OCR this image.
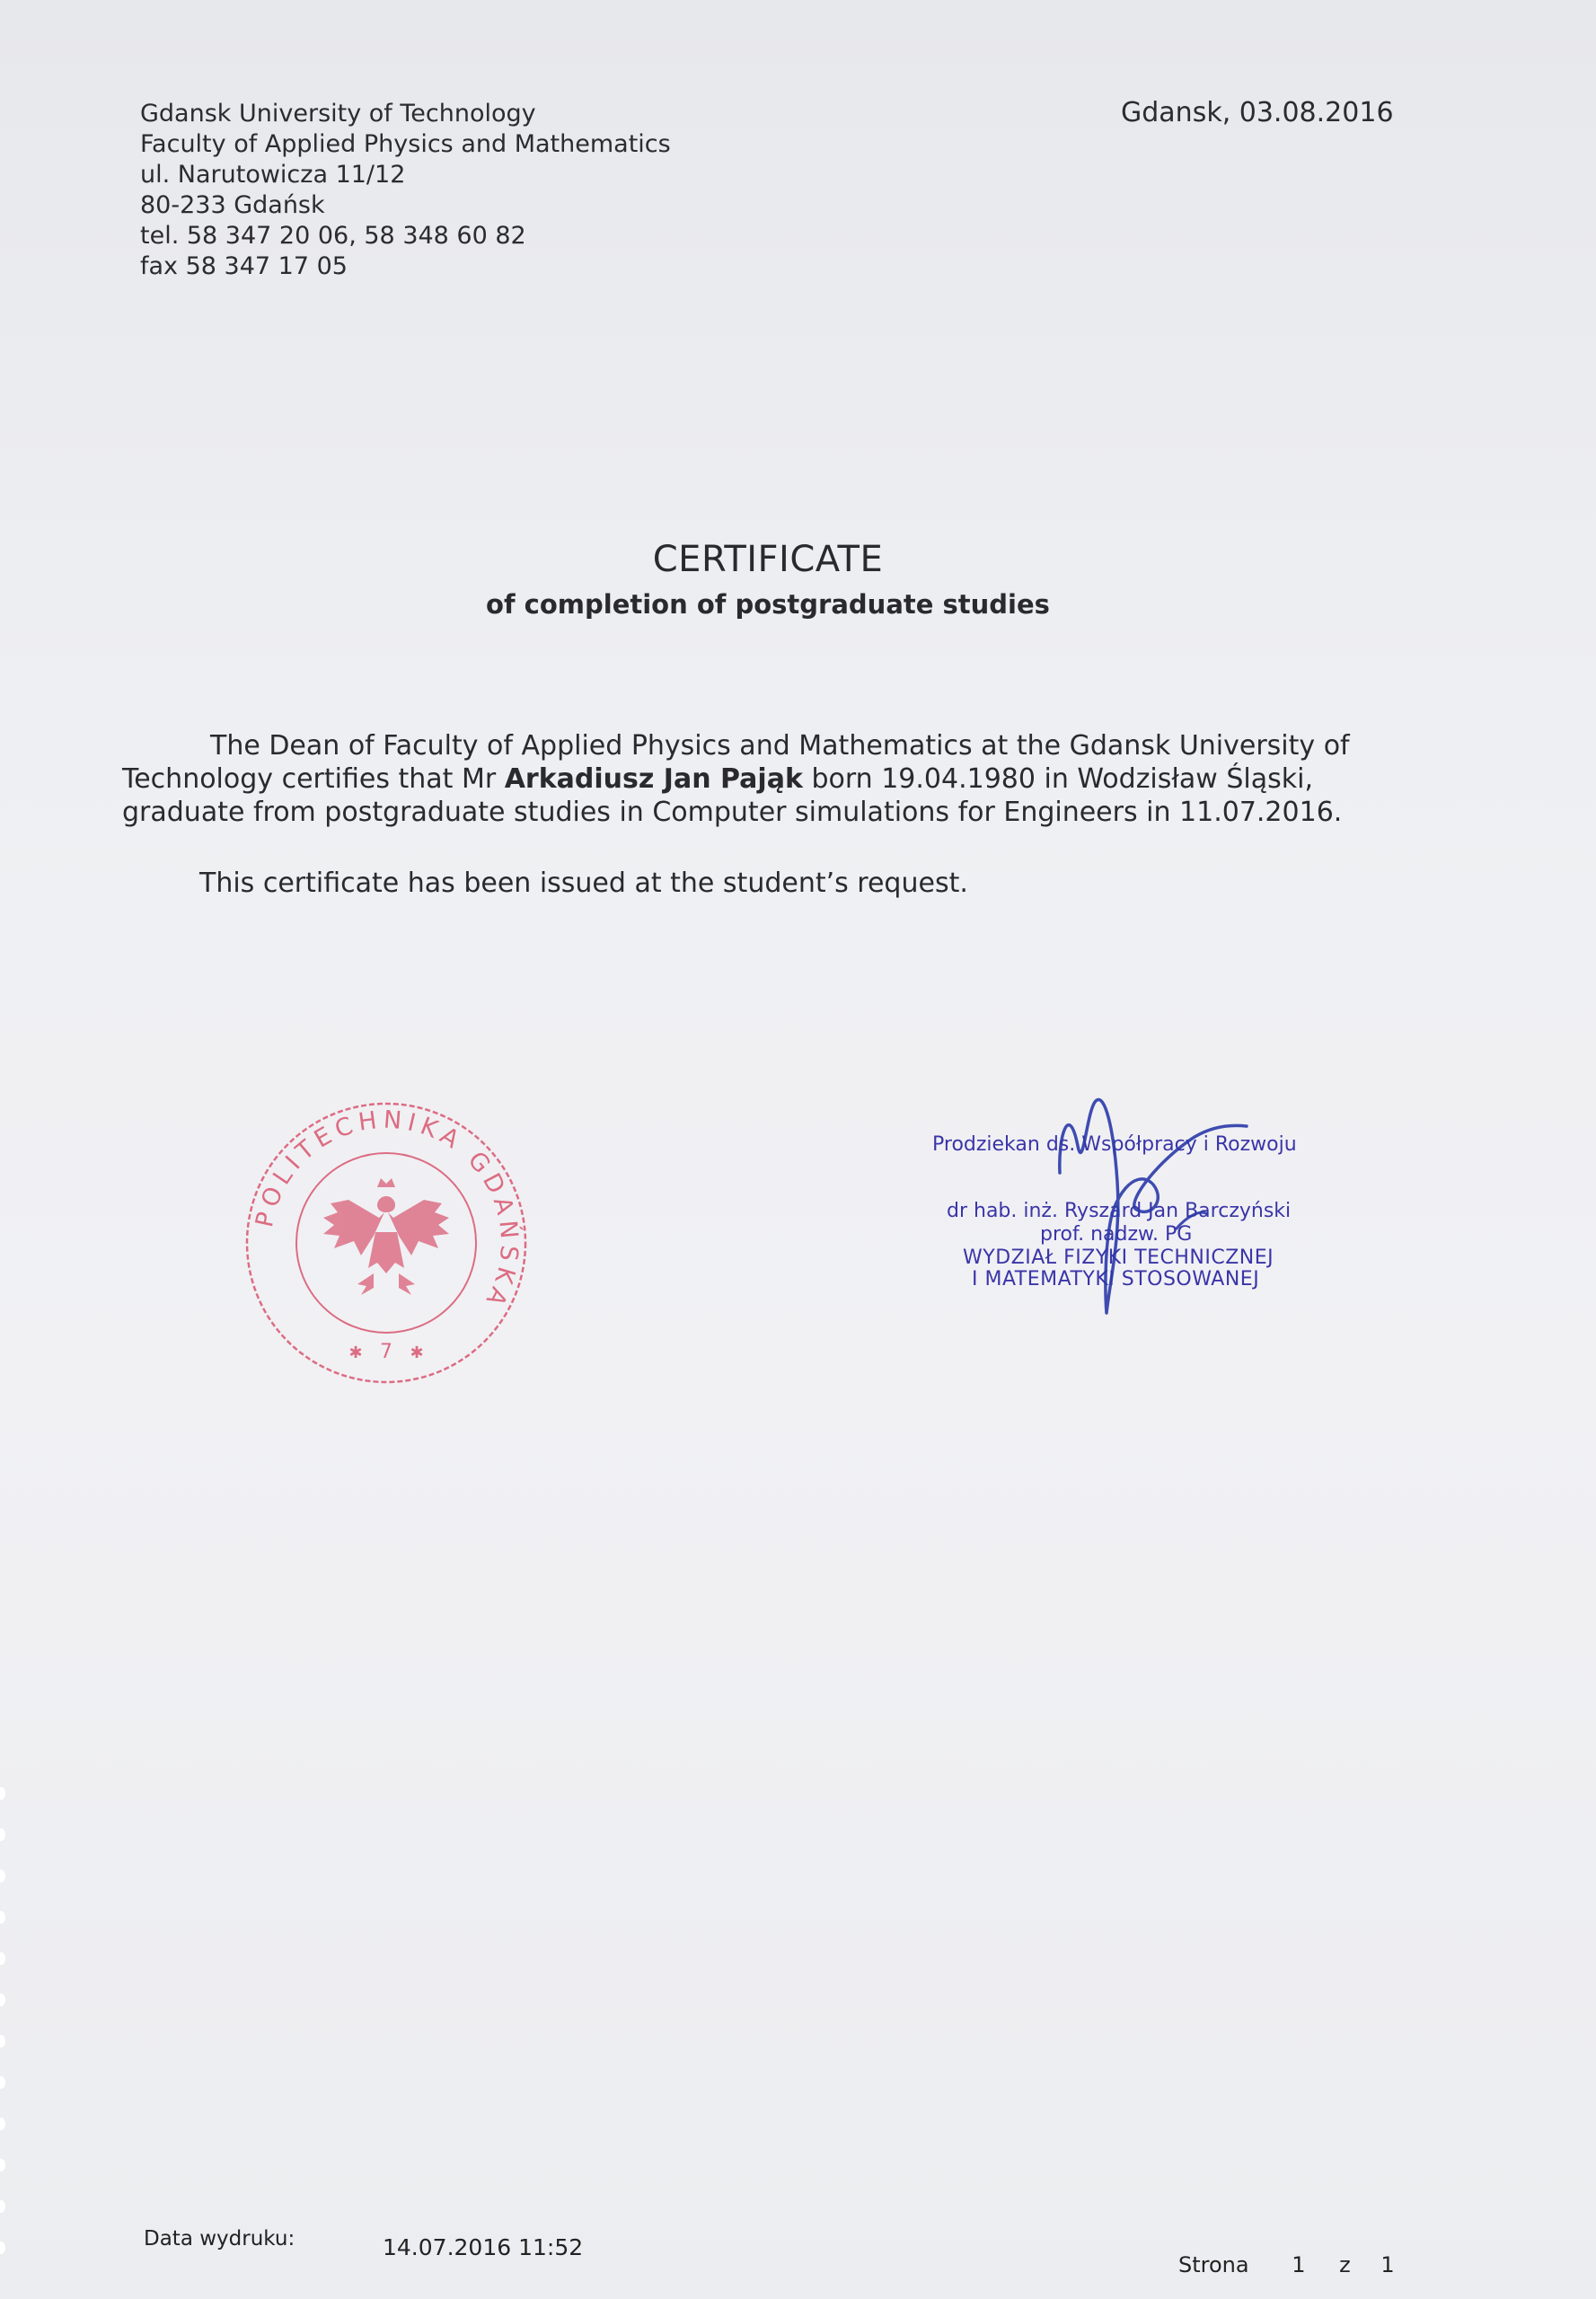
Gdansk University of Technology
Faculty of Applied Physics and Mathematics
ul. Narutowicza 11/12
80-233 Gdańsk
tel. 58 347 20 06, 58 348 60 82
fax 58 347 17 05
Gdansk, 03.08.2016
CERTIFICATE
of completion of postgraduate studies
The Dean of Faculty of Applied Physics and Mathematics at the Gdansk University of
Technology certifies that Mr Arkadiusz Jan Pająk born 19.04.1980 in Wodzisław Śląski,
graduate from postgraduate studies in Computer simulations for Engineers in 11.07.2016.
This certificate has been issued at the student’s request.
POLITECHNIKA GDAŃSKA
7
✱	✱
Prodziekan ds. Współpracy i Rozwoju
dr hab. inż. Ryszard Jan Barczyński
prof. nadzw. PG
WYDZIAŁ FIZYKI TECHNICZNEJ
I MATEMATYKI STOSOWANEJ
Data wydruku:	14.07.2016 11:52
Strona 1 z 1
